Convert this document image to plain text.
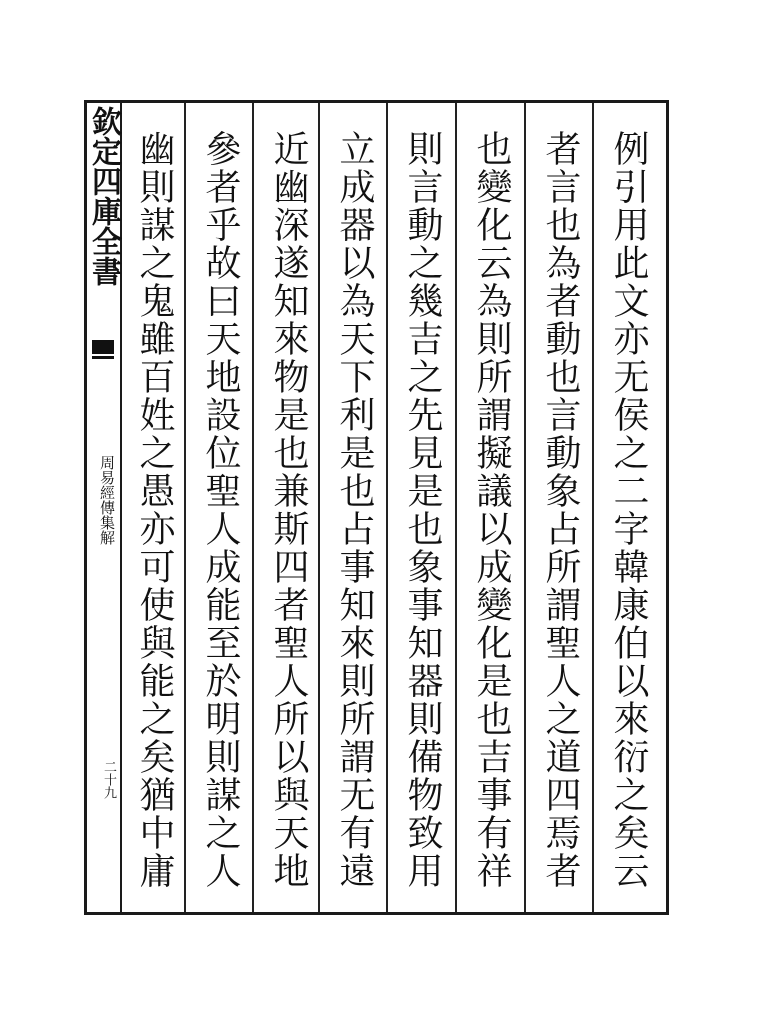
欽定四庫全書
周易經傳集解
二十九	例引用此文亦无侯之二字韓康伯以來衍之矣云
者言也為者動也言動象占所謂聖人之道四焉者
也變化云為則所謂擬議以成變化是也吉事有祥
則言動之幾吉之先見是也象事知器則備物致用
立成器以為天下利是也占事知來則所謂无有遠
近幽深遂知來物是也兼斯四者聖人所以與天地
參者乎故曰天地設位聖人成能至於明則謀之人
幽則謀之鬼雖百姓之愚亦可使與能之矣猶中庸
